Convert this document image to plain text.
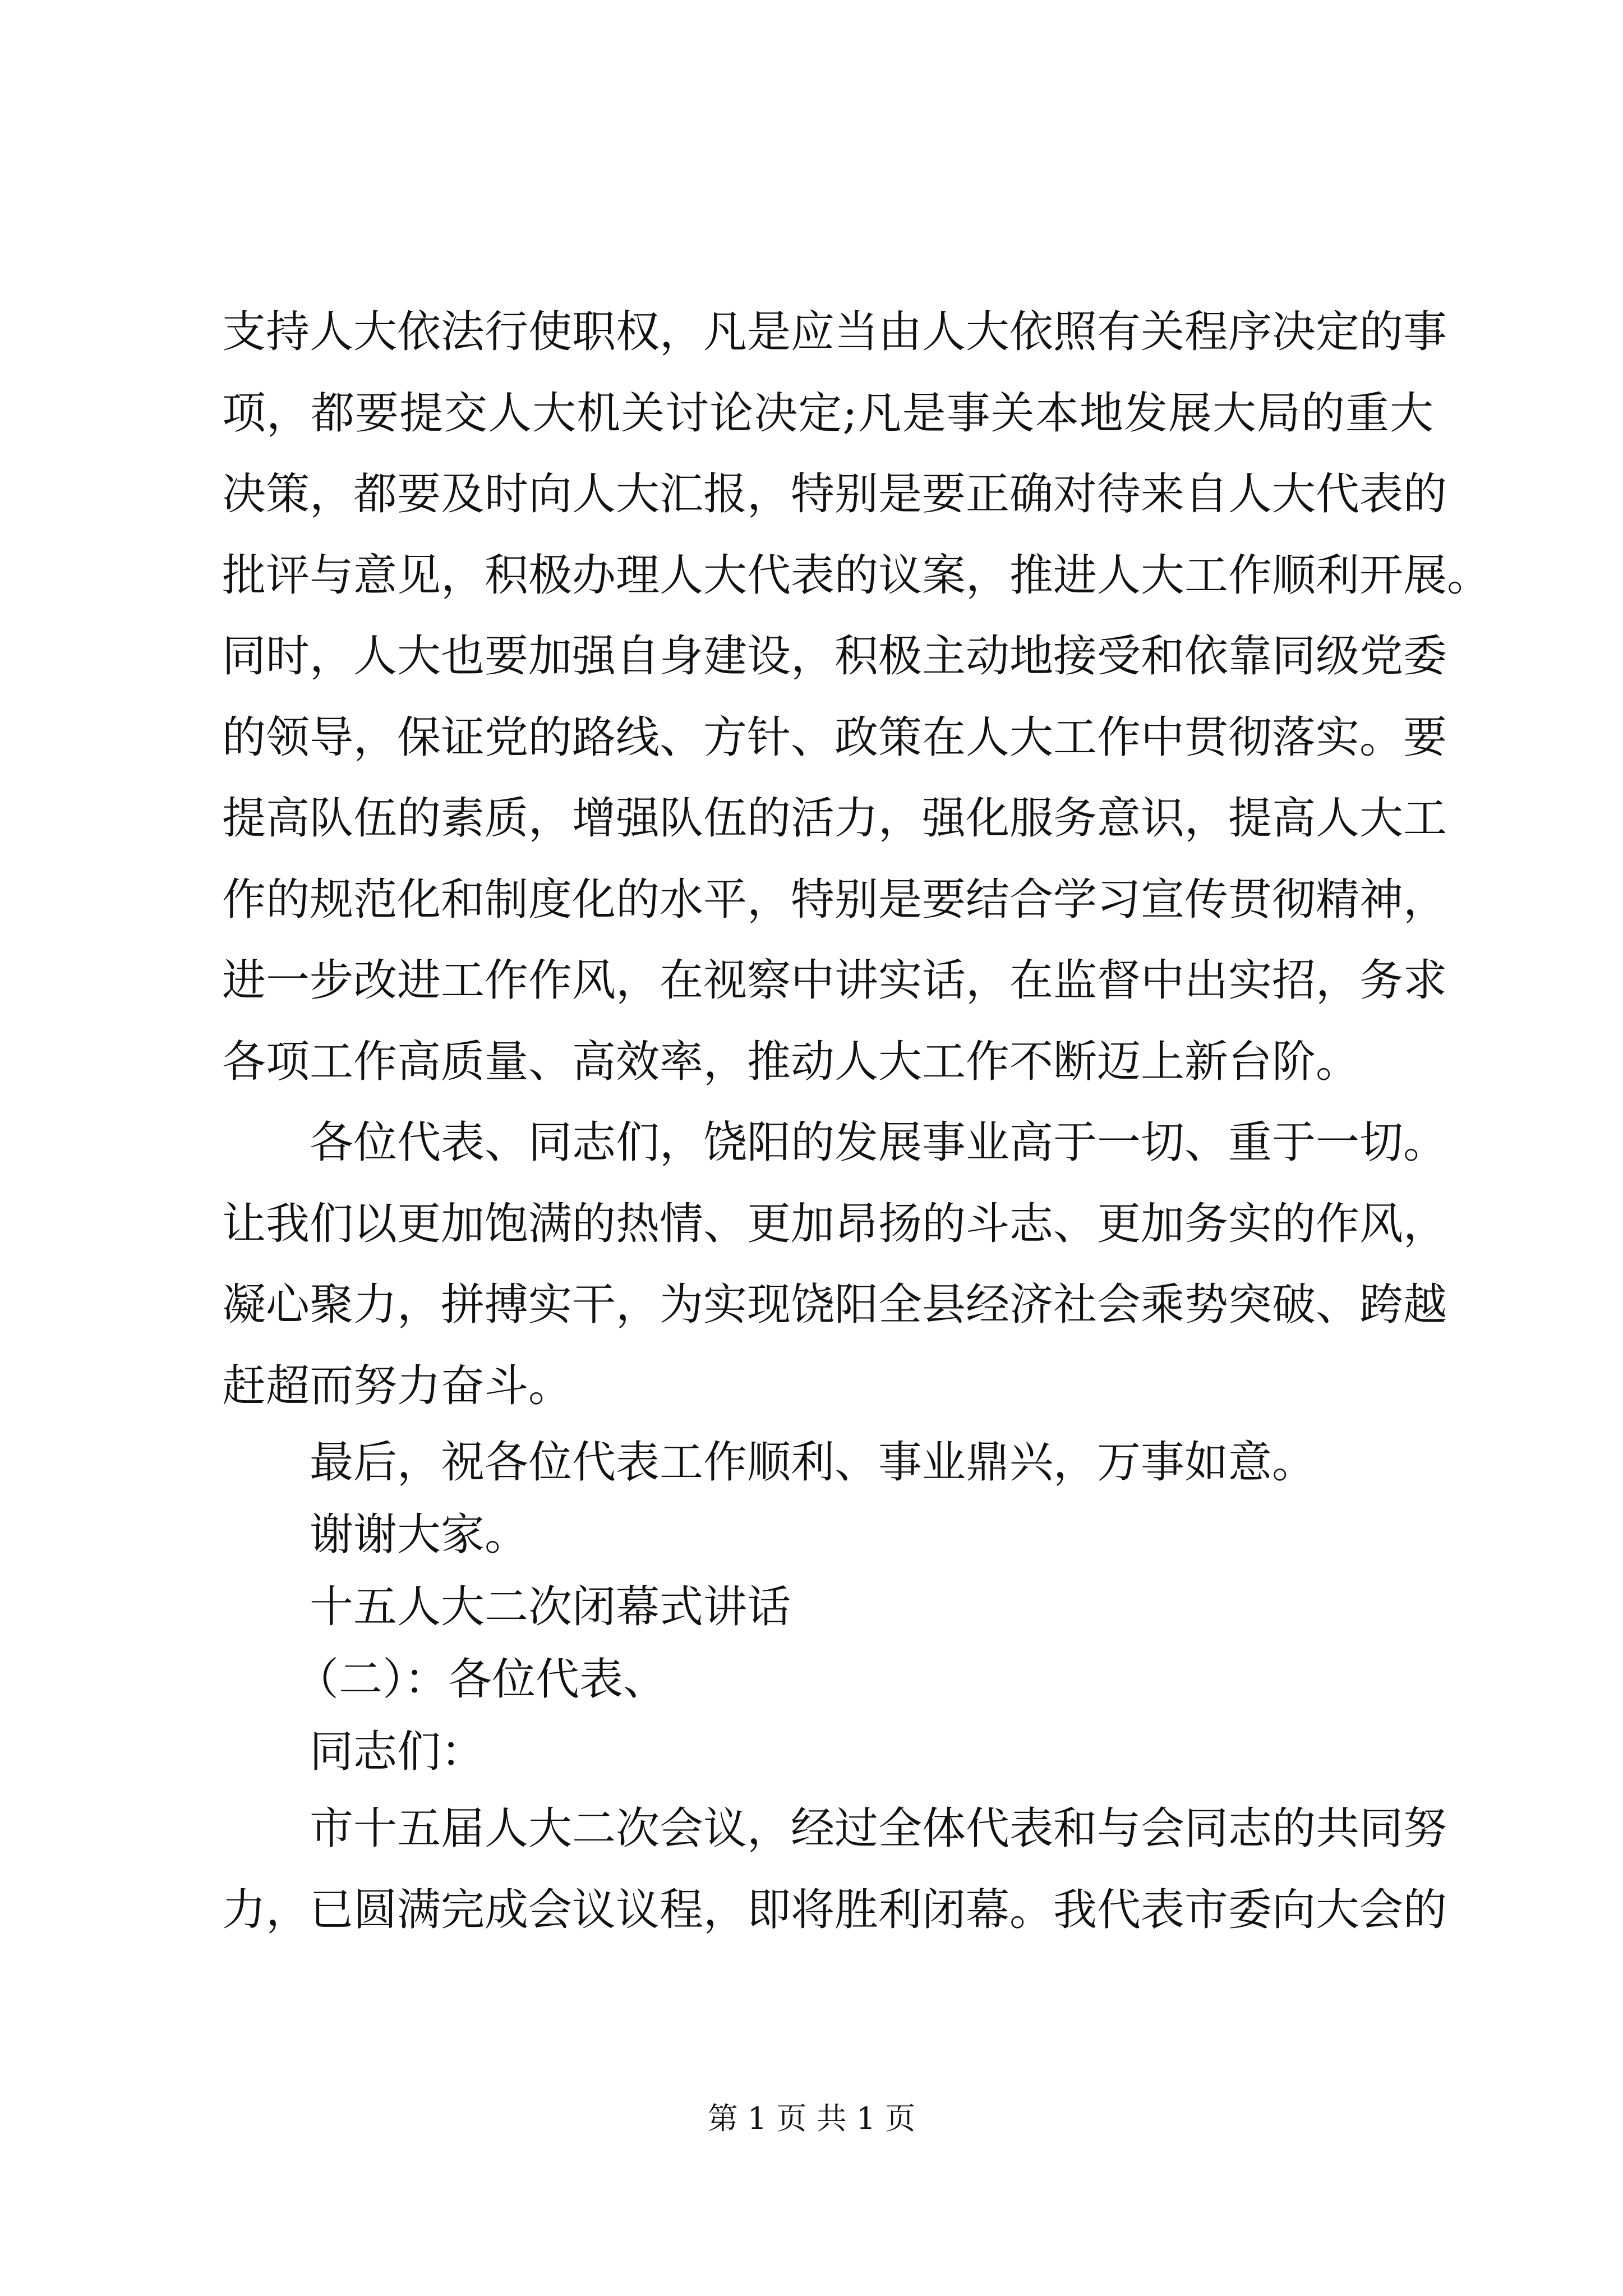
支持人大依法行使职权，凡是应当由人大依照有关程序决定的事
项，都要提交人大机关讨论决定;凡是事关本地发展大局的重大
决策，都要及时向人大汇报，特别是要正确对待来自人大代表的
批评与意见，积极办理人大代表的议案，推进人大工作顺利开展。
同时，人大也要加强自身建设，积极主动地接受和依靠同级党委
的领导，保证党的路线、方针、政策在人大工作中贯彻落实。要
提高队伍的素质，增强队伍的活力，强化服务意识，提高人大工
作的规范化和制度化的水平，特别是要结合学习宣传贯彻精神，
进一步改进工作作风，在视察中讲实话，在监督中出实招，务求
各项工作高质量、高效率，推动人大工作不断迈上新台阶。
各位代表、同志们，饶阳的发展事业高于一切、重于一切。
让我们以更加饱满的热情、更加昂扬的斗志、更加务实的作风，
凝心聚力，拼搏实干，为实现饶阳全县经济社会乘势突破、跨越
赶超而努力奋斗。
最后，祝各位代表工作顺利、事业鼎兴，万事如意。
谢谢大家。
十五人大二次闭幕式讲话
（二）：各位代表、
同志们：
市十五届人大二次会议，经过全体代表和与会同志的共同努
力，已圆满完成会议议程，即将胜利闭幕。我代表市委向大会的
第 1 页 共 1 页
